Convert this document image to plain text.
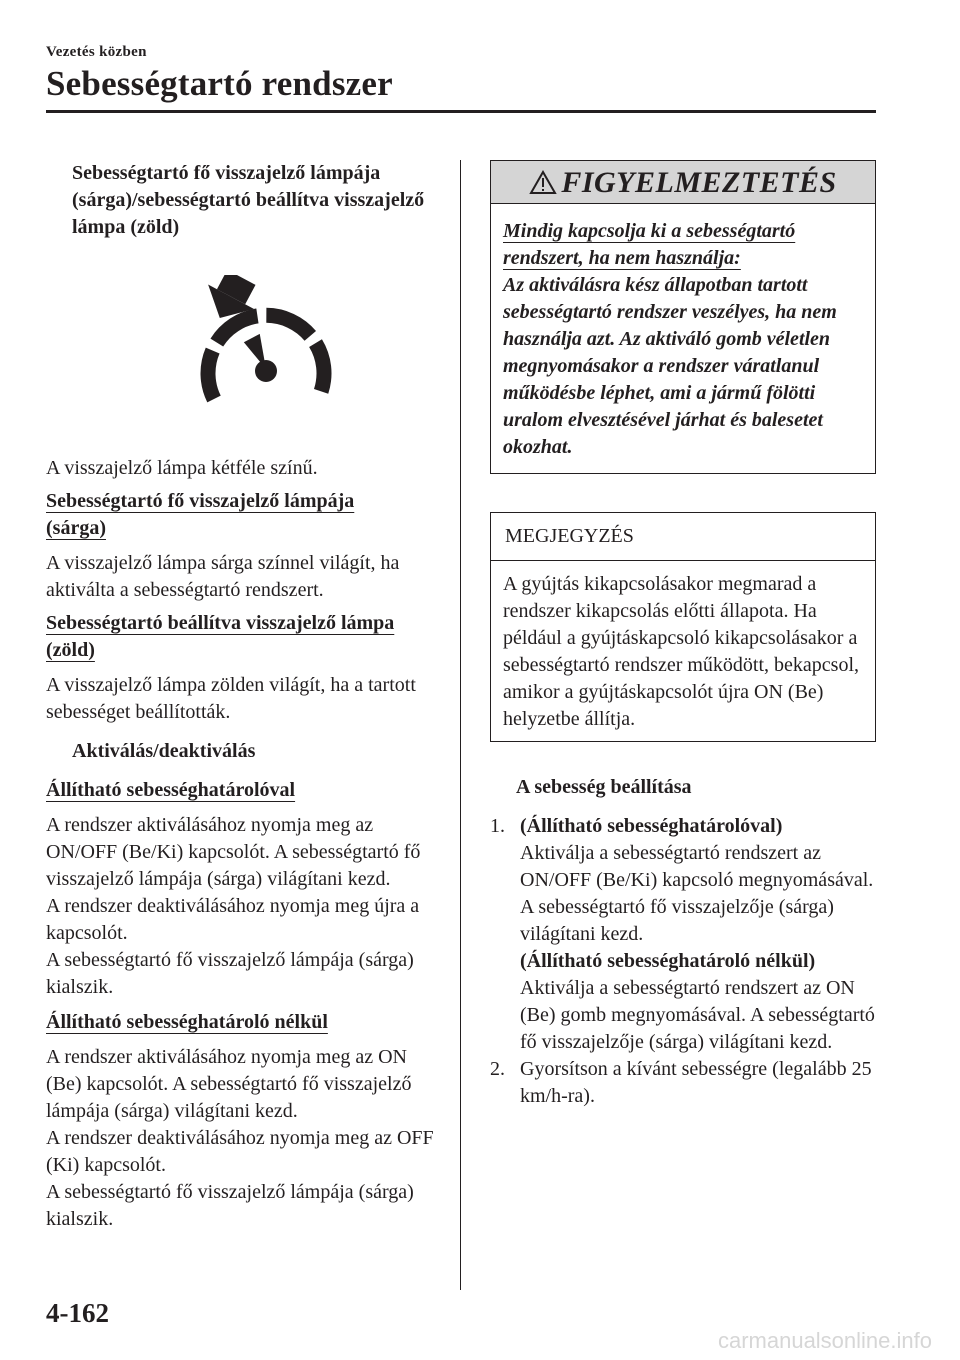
Vezetés közben
Sebességtartó rendszer

Sebességtartó fő visszajelző lámpája (sárga)/sebességtartó beállítva visszajelző lámpa (zöld)

A visszajelző lámpa kétféle színű.

Sebességtartó fő visszajelző lámpája (sárga)

A visszajelző lámpa sárga színnel világít, ha aktiválta a sebességtartó rendszert.

Sebességtartó beállítva visszajelző lámpa (zöld)

A visszajelző lámpa zölden világít, ha a tartott sebességet beállították.

Aktiválás/deaktiválás

Állítható sebességhatárolóval
A rendszer aktiválásához nyomja meg az ON/OFF (Be/Ki) kapcsolót. A sebességtartó fő visszajelző lámpája (sárga) világítani kezd.
A rendszer deaktiválásához nyomja meg újra a kapcsolót.
A sebességtartó fő visszajelző lámpája (sárga) kialszik.
Állítható sebességhatároló nélkül
A rendszer aktiválásához nyomja meg az ON (Be) kapcsolót. A sebességtartó fő visszajelző lámpája (sárga) világítani kezd.
A rendszer deaktiválásához nyomja meg az OFF (Ki) kapcsolót.
A sebességtartó fő visszajelző lámpája (sárga) kialszik.
FIGYELMEZTETÉS
Mindig kapcsolja ki a sebességtartó rendszert, ha nem használja:
Az aktiválásra kész állapotban tartott sebességtartó rendszer veszélyes, ha nem használja azt. Az aktiváló gomb véletlen megnyomásakor a rendszer váratlanul működésbe léphet, ami a jármű fölötti uralom elvesztésével járhat és balesetet okozhat.
MEGJEGYZÉS
A gyújtás kikapcsolásakor megmarad a rendszer kikapcsolás előtti állapota. Ha például a gyújtáskapcsoló kikapcsolásakor a sebességtartó rendszer működött, bekapcsol, amikor a gyújtáskapcsolót újra ON (Be) helyzetbe állítja.

A sebesség beállítása

1. (Állítható sebességhatárolóval)
Aktiválja a sebességtartó rendszert az ON/OFF (Be/Ki) kapcsoló megnyomásával. A sebességtartó fő visszajelzője (sárga) világítani kezd.
(Állítható sebességhatároló nélkül)
Aktiválja a sebességtartó rendszert az ON (Be) gomb megnyomásával. A sebességtartó fő visszajelzője (sárga) világítani kezd.
2. Gyorsítson a kívánt sebességre (legalább 25 km/h-ra).
4-162
carmanualsonline.info
